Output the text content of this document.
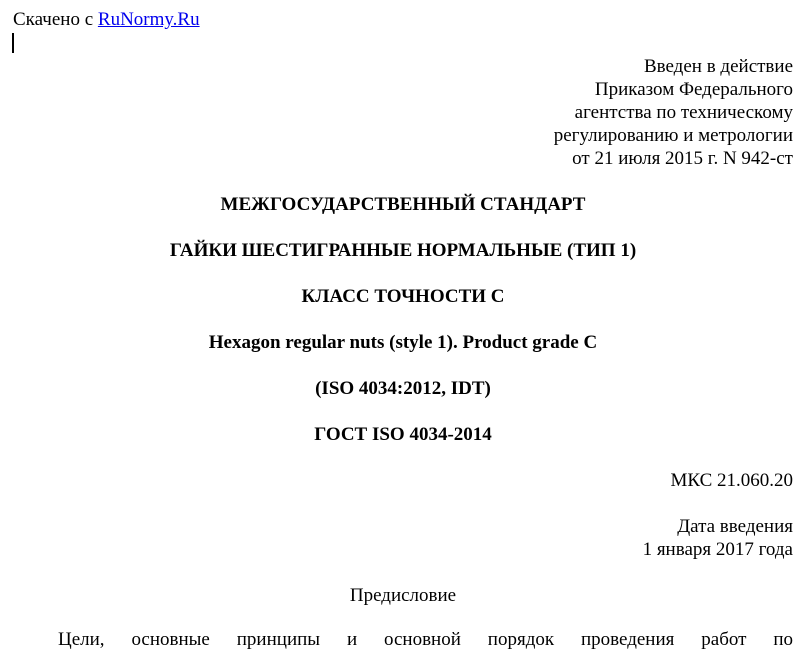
Скачено с RuNormy.Ru
Введен в действие
Приказом Федерального
агентства по техническому
регулированию и метрологии
от 21 июля 2015 г. N 942-ст
МЕЖГОСУДАРСТВЕННЫЙ СТАНДАРТ
ГАЙКИ ШЕСТИГРАННЫЕ НОРМАЛЬНЫЕ (ТИП 1)
КЛАСС ТОЧНОСТИ С
Hexagon regular nuts (style 1). Product grade C
(ISO 4034:2012, IDT)
ГОСТ ISO 4034-2014
МКС 21.060.20
Дата введения
1 января 2017 года
Предисловие
Цели, основные принципы и основной порядок проведения работ по
